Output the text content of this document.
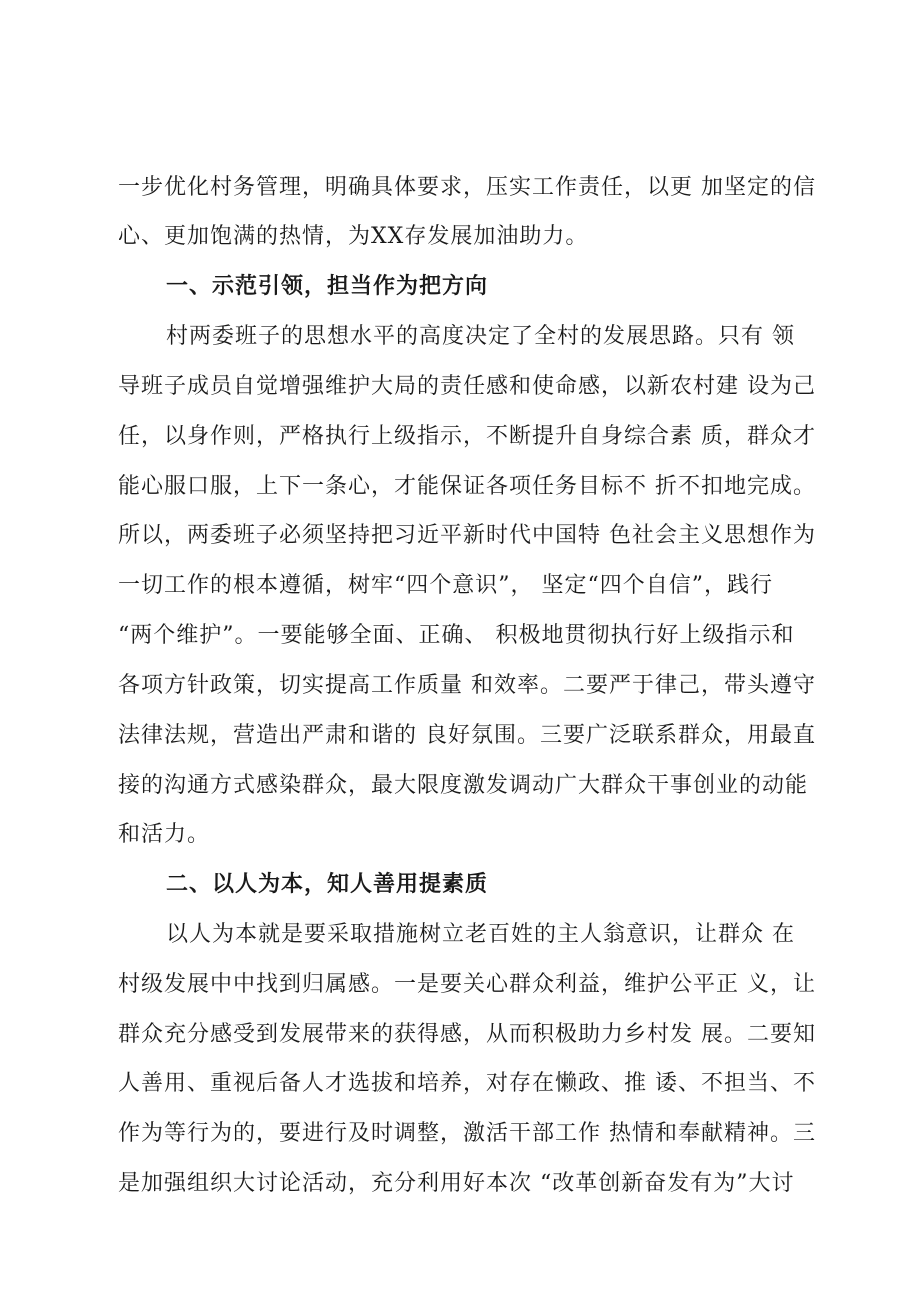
一步优化村务管理，明确具体要求，压实工作责任，以更 加坚定的信
心、更加饱满的热情，为XX存发展加油助力。
一、示范引领，担当作为把方向
村两委班子的思想水平的高度决定了全村的发展思路。只有 领
导班子成员自觉增强维护大局的责任感和使命感，以新农村建 设为己
任，以身作则，严格执行上级指示，不断提升自身综合素 质，群众才
能心服口服，上下一条心，才能保证各项任务目标不 折不扣地完成。
所以，两委班子必须坚持把习近平新时代中国特 色社会主义思想作为
一切工作的根本遵循，树牢“四个意识”， 坚定“四个自信”，践行
“两个维护”。一要能够全面、正确、 积极地贯彻执行好上级指示和
各项方针政策，切实提高工作质量 和效率。二要严于律己，带头遵守
法律法规，营造出严肃和谐的 良好氛围。三要广泛联系群众，用最直
接的沟通方式感染群众，最大限度激发调动广大群众干事创业的动能
和活力。
二、以人为本，知人善用提素质
以人为本就是要采取措施树立老百姓的主人翁意识，让群众 在
村级发展中中找到归属感。一是要关心群众利益，维护公平正 义，让
群众充分感受到发展带来的获得感，从而积极助力乡村发 展。二要知
人善用、重视后备人才选拔和培养，对存在懒政、推 诿、不担当、不
作为等行为的，要进行及时调整，激活干部工作 热情和奉献精神。三
是加强组织大讨论活动，充分利用好本次 “改革创新奋发有为”大讨
